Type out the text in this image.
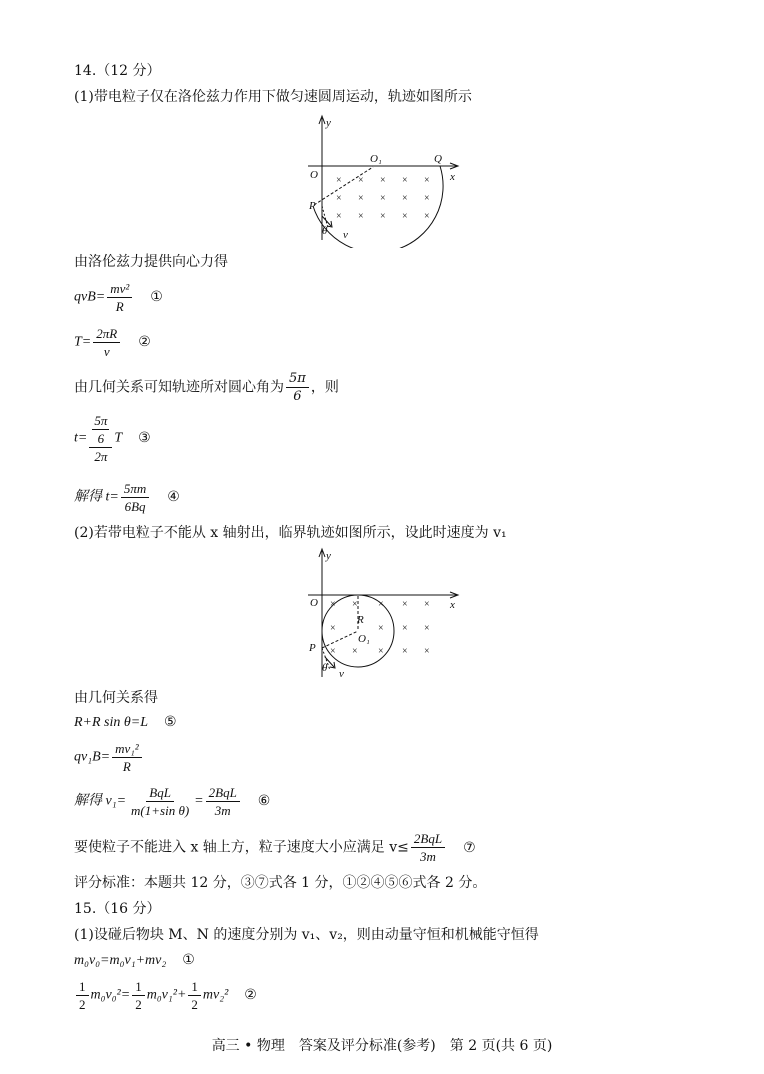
14.（12 分）
(1)带电粒子仅在洛伦兹力作用下做匀速圆周运动，轨迹如图所示
× × × × ×
× × × × ×
× × × × ×
y
x
O
O₁	Q
P
θ v
由洛伦兹力提供向心力得
$qvB= \frac{\text{mv²}}{R}$ ①
$T= \frac{2\pi R}{v}$ ②
由几何关系可知轨迹所对圆心角为 $\frac{5\pi}{6}$ ，则
t= 5π
6
2π T ③
解得 $t= \frac{5\pi m}{6Bq}$ ④
(2)若带电粒子不能从 x 轴射出，临界轨迹如图所示，设此时速度为 v₁
× × × × ×
×	× × ×
× × × × ×
y
x
O
R
O₁
P
θ v
由几何关系得
R+R sin θ=L ⑤
$qv_1B= \frac{\text{mv₁²}}{R}$
解得 $v_1= \frac{\text{BqL}}{\text{m(1+sin θ)}} = \frac{\text{2BqL}}{3m}$ ⑥
要使粒子不能进入 x 轴上方，粒子速度大小应满足 $v\le \frac{\text{2BqL}}{3m}$ ⑦
评分标准：本题共 12 分，③⑦式各 1 分，①②④⑤⑥式各 2 分。
15.（16 分）
(1)设碰后物块 M、N 的速度分别为 v₁、v₂，则由动量守恒和机械能守恒得
m₀v₀=m₀v₁+mv₂ ①
$\frac{1}{2} m_0v_0^2= \frac{1}{2} m_0v_1^2+ \frac{1}{2} mv_2^2$ ②
高三 • 物理　答案及评分标准(参考)　第 2 页(共 6 页)
